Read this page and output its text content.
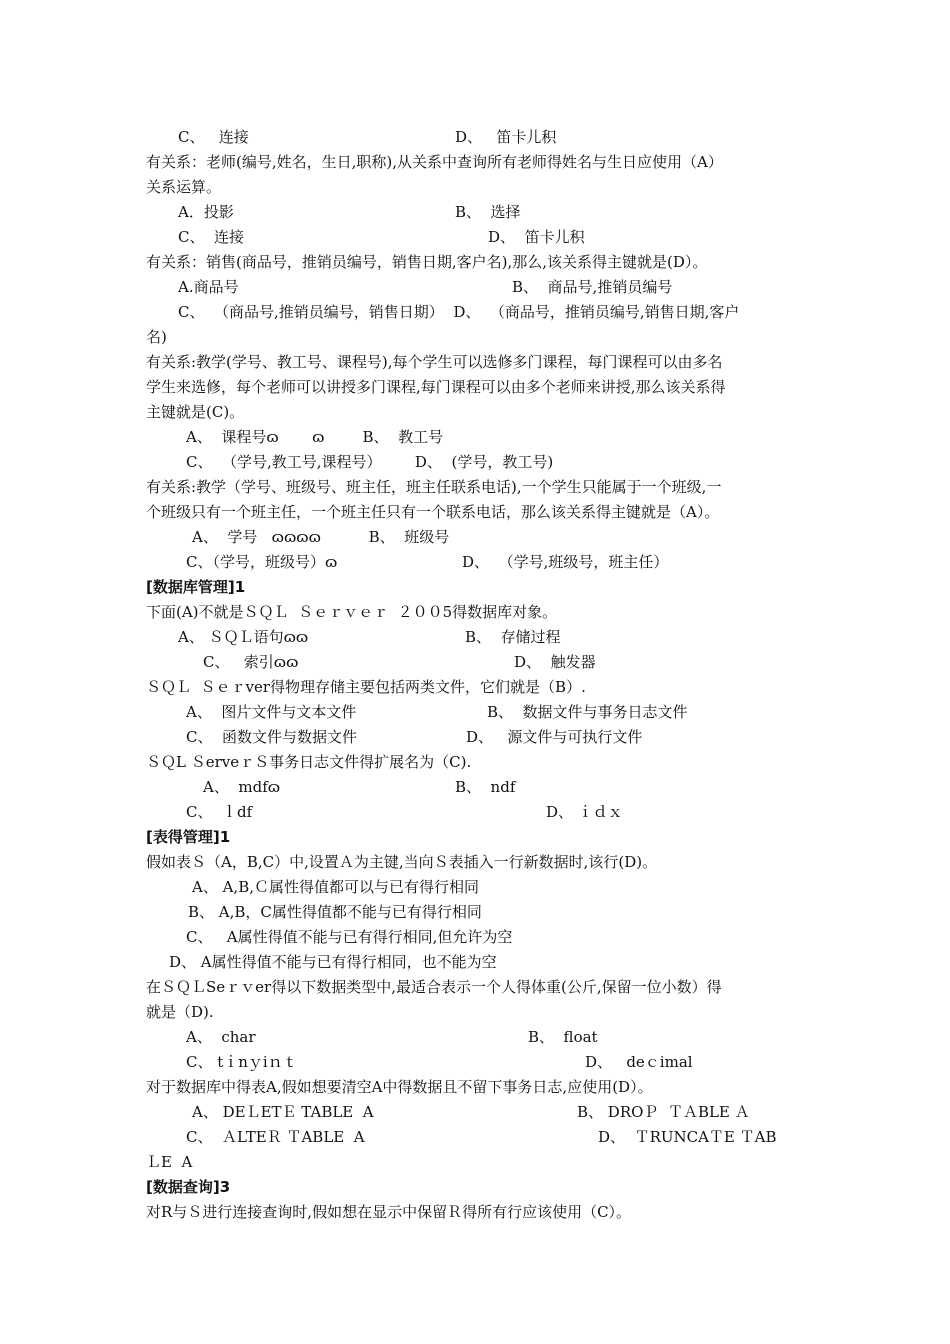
C、   连接	D、   笛卡儿积
有关系：老师(编号,姓名，生日,职称),从关系中查询所有老师得姓名与生日应使用（A）
关系运算。
A．投影	B、  选择
C、  连接	D、  笛卡儿积
有关系：销售(商品号，推销员编号，销售日期,客户名),那么,该关系得主键就是(D）。
A.商品号	B、  商品号,推销员编号
C、  （商品号,推销员编号，销售日期）  D、  （商品号，推销员编号,销售日期,客户
名)
有关系:教学(学号、教工号、课程号),每个学生可以选修多门课程，每门课程可以由多名
学生来选修，每个老师可以讲授多门课程,每门课程可以由多个老师来讲授,那么该关系得
主键就是(C)。
A、  课程号ɷ       ɷ        B、  教工号
C、  （学号,教工号,课程号）       D、  (学号，教工号)
有关系:教学（学号、班级号、班主任，班主任联系电话),一个学生只能属于一个班级,一
个班级只有一个班主任，一个班主任只有一个联系电话，那么该关系得主键就是（A）。
A、  学号   ɷɷɷɷ          B、  班级号
C、（学号，班级号）ɷ	D、  （学号,班级号，班主任）
[数据库管理]1
下面(A)不就是ＳＱＬ  Ｓｅｒｖｅｒ  ２００5得数据库对象。
A、 ＳＱＬ语句ɷɷ	B、  存储过程
C、   索引ɷɷ	D、  触发器
ＳＱＬ  Ｓｅｒver得物理存储主要包括两类文件，它们就是（B）.
A、  图片文件与文本文件	B、  数据文件与事务日志文件
C、  函数文件与数据文件	D、   源文件与可执行文件
ＳＱL ＳerveｒＳ事务日志文件得扩展名为（C).
A、  mdfɷ	B、  ndf
C、  ｌdf	D、 ｉｄｘ
[表得管理]1
假如表Ｓ（A，B,C）中,设置Ａ为主键,当向Ｓ表插入一行新数据时,该行(D)。
A、 A,B,Ｃ属性得值都可以与已有得行相同
B、 A,B，C属性得值都不能与已有得行相同
C、   A属性得值不能与已有得行相同,但允许为空
D、 A属性得值不能与已有得行相同，也不能为空
在ＳＱＬSeｒｖer得以下数据类型中,最适合表示一个人得体重(公斤,保留一位小数）得
就是（D).
A、  char	B、  float
C、 tｉnｙiｎｔ	D、   deｃimal
对于数据库中得表A,假如想要清空A中得数据且不留下事务日志,应使用(D）。
A、 DEＬETＥ TABLE  A	B、 DROＰ  ＴＡBLE Ａ
C、  ＡLTEＲ ＴABLE  A	D、  ＴRUNCAＴE ＴAB
ＬE  A
[数据查询]3
对R与Ｓ进行连接查询时,假如想在显示中保留Ｒ得所有行应该使用（C）。
